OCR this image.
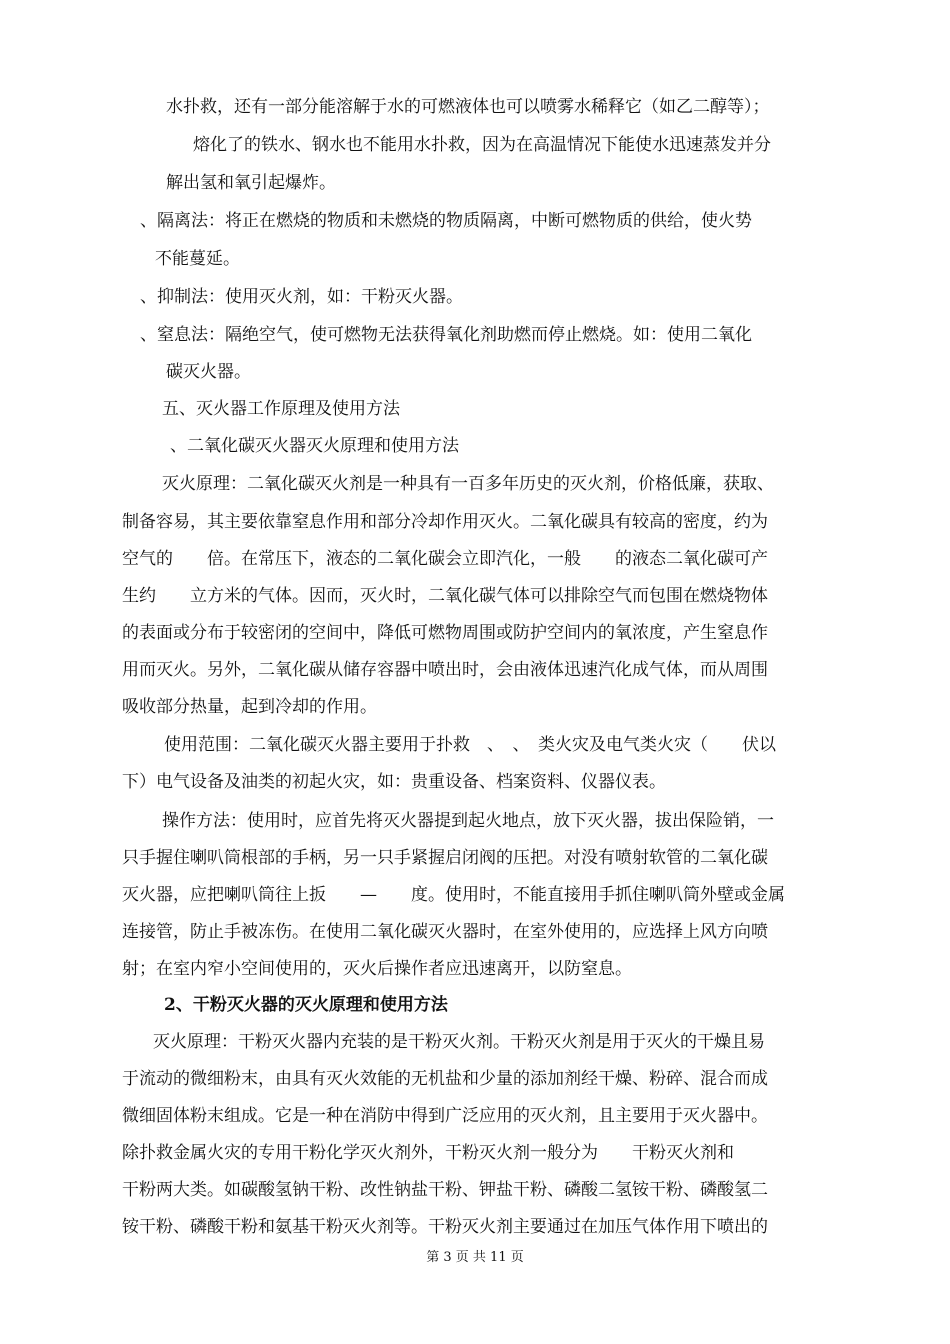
水扑救，还有一部分能溶解于水的可燃液体也可以喷雾水稀释它（如乙二醇等）；

熔化了的铁水、钢水也不能用水扑救，因为在高温情况下能使水迅速蒸发并分

解出氢和氧引起爆炸。

、隔离法：将正在燃烧的物质和未燃烧的物质隔离，中断可燃物质的供给，使火势

不能蔓延。

、抑制法：使用灭火剂，如：干粉灭火器。

、窒息法：隔绝空气，使可燃物无法获得氧化剂助燃而停止燃烧。如：使用二氧化

碳灭火器。

五、灭火器工作原理及使用方法

、二氧化碳灭火器灭火原理和使用方法

灭火原理：二氧化碳灭火剂是一种具有一百多年历史的灭火剂，价格低廉，获取、

制备容易，其主要依靠窒息作用和部分冷却作用灭火。二氧化碳具有较高的密度，约为

空气的　　倍。在常压下，液态的二氧化碳会立即汽化，一般　　的液态二氧化碳可产

生约　　立方米的气体。因而，灭火时，二氧化碳气体可以排除空气而包围在燃烧物体

的表面或分布于较密闭的空间中，降低可燃物周围或防护空间内的氧浓度，产生窒息作

用而灭火。另外，二氧化碳从储存容器中喷出时，会由液体迅速汽化成气体，而从周围

吸收部分热量，起到冷却的作用。

使用范围：二氧化碳灭火器主要用于扑救　、　、　类火灾及电气类火灾（　　伏以

下）电气设备及油类的初起火灾，如：贵重设备、档案资料、仪器仪表。

操作方法：使用时，应首先将灭火器提到起火地点，放下灭火器，拔出保险销，一

只手握住喇叭筒根部的手柄，另一只手紧握启闭阀的压把。对没有喷射软管的二氧化碳

灭火器，应把喇叭筒往上扳　　—　　度。使用时，不能直接用手抓住喇叭筒外壁或金属

连接管，防止手被冻伤。在使用二氧化碳灭火器时，在室外使用的，应选择上风方向喷

射；在室内窄小空间使用的，灭火后操作者应迅速离开，以防窒息。

2、干粉灭火器的灭火原理和使用方法

灭火原理：干粉灭火器内充装的是干粉灭火剂。干粉灭火剂是用于灭火的干燥且易

于流动的微细粉末，由具有灭火效能的无机盐和少量的添加剂经干燥、粉碎、混合而成

微细固体粉末组成。它是一种在消防中得到广泛应用的灭火剂，且主要用于灭火器中。

除扑救金属火灾的专用干粉化学灭火剂外，干粉灭火剂一般分为　　干粉灭火剂和

干粉两大类。如碳酸氢钠干粉、改性钠盐干粉、钾盐干粉、磷酸二氢铵干粉、磷酸氢二

铵干粉、磷酸干粉和氨基干粉灭火剂等。干粉灭火剂主要通过在加压气体作用下喷出的

第 3 页 共 11 页
